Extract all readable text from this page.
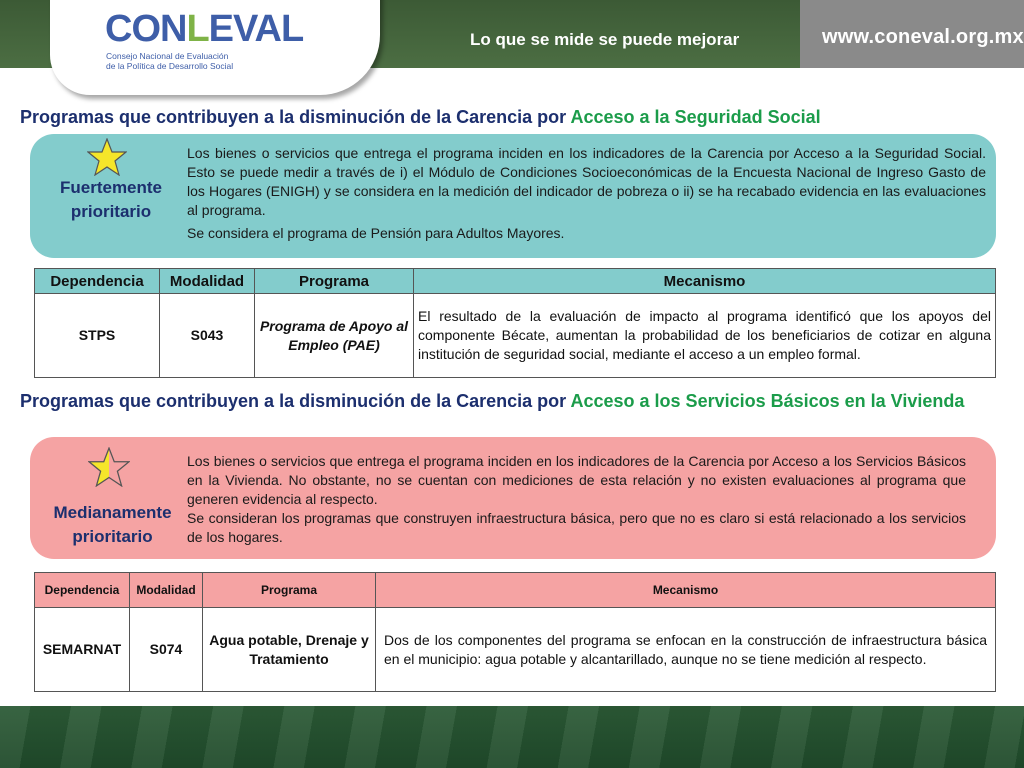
Lo que se mide se puede mejorar	www.coneval.org.mx
CONLEVAL
Consejo Nacional de Evaluación
de la Política de Desarrollo Social
Programas que contribuyen a la disminución de la Carencia por Acceso a la Seguridad Social
Fuertemente
prioritario

Los bienes o servicios que entrega el programa inciden en los indicadores de la Carencia por Acceso a la Seguridad Social. Esto se puede medir a través de i) el Módulo de Condiciones Socioeconómicas de la Encuesta Nacional de Ingreso Gasto de los Hogares (ENIGH) y se considera en la medición del indicador de pobreza o ii) se ha recabado evidencia en las evaluaciones al programa.

Se considera el programa de Pensión para Adultos Mayores.

Dependencia	Modalidad	Programa	Mecanismo
STPS	S043	Programa de Apoyo al Empleo (PAE)	El resultado de la evaluación de impacto al programa identificó que los apoyos del componente Bécate, aumentan la probabilidad de los beneficiarios de cotizar en alguna institución de seguridad social, mediante el acceso a un empleo formal.
Programas que contribuyen a la disminución de la Carencia por Acceso a los Servicios Básicos en la Vivienda
Medianamente
prioritario

Los bienes o servicios que entrega el programa inciden en los indicadores de la Carencia por Acceso a los Servicios Básicos en la Vivienda. No obstante, no se cuentan con mediciones de esta relación y no existen evaluaciones al programa que generen evidencia al respecto.

Se consideran los programas que construyen infraestructura básica, pero que no es claro si está relacionado a los servicios de los hogares.

Dependencia	Modalidad	Programa	Mecanismo
SEMARNAT	S074	Agua potable, Drenaje y Tratamiento	Dos de los componentes del programa se enfocan en la construcción de infraestructura básica en el municipio: agua potable y alcantarillado, aunque no se tiene medición al respecto.
